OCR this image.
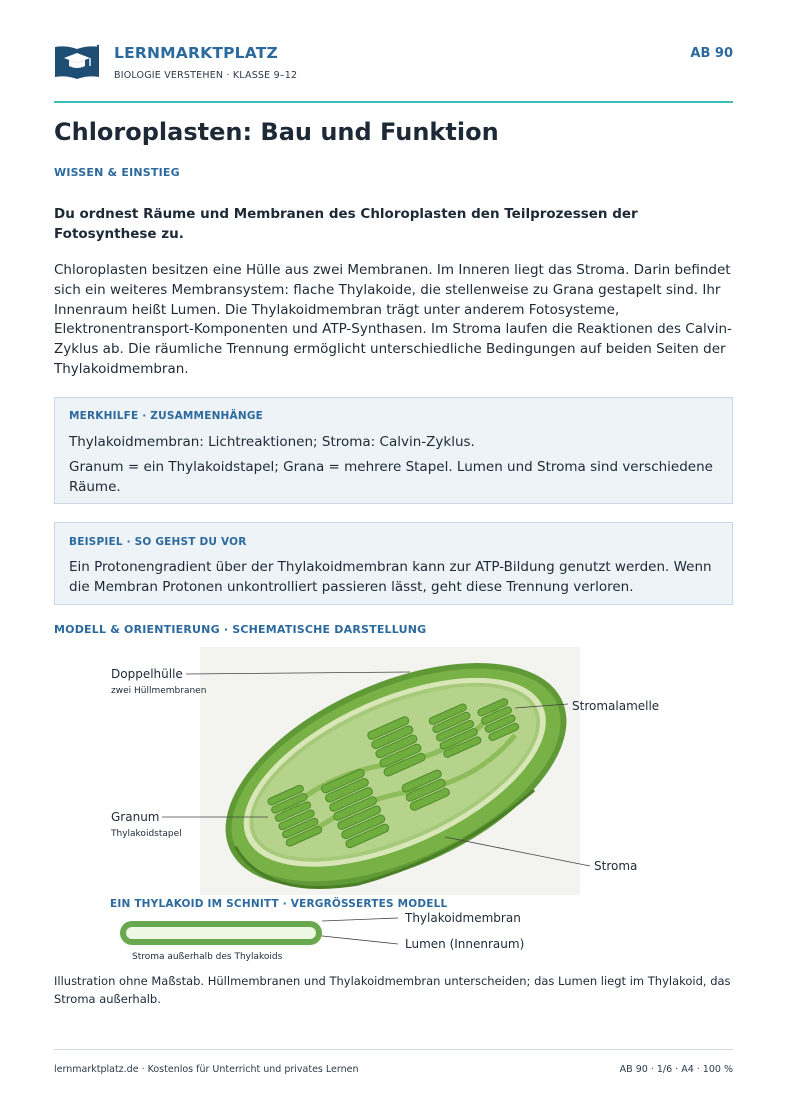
LERNMARKTPLATZ
BIOLOGIE VERSTEHEN · KLASSE 9–12
AB 90
Chloroplasten: Bau und Funktion
WISSEN & EINSTIEG
Du ordnest Räume und Membranen des Chloroplasten den Teilprozessen der Fotosynthese zu.
Chloroplasten besitzen eine Hülle aus zwei Membranen. Im Inneren liegt das Stroma. Darin befindet sich ein weiteres Membransystem: flache Thylakoide, die stellenweise zu Grana gestapelt sind. Ihr Innenraum heißt Lumen. Die Thylakoidmembran trägt unter anderem Fotosysteme, Elektronentransport-Komponenten und ATP-Synthasen. Im Stroma laufen die Reaktionen des Calvin-Zyklus ab. Die räumliche Trennung ermöglicht unterschiedliche Bedingungen auf beiden Seiten der Thylakoidmembran.
MERKHILFE · ZUSAMMENHÄNGE
Thylakoidmembran: Lichtreaktionen; Stroma: Calvin-Zyklus.
Granum = ein Thylakoidstapel; Grana = mehrere Stapel. Lumen und Stroma sind verschiedene Räume.
BEISPIEL · SO GEHST DU VOR
Ein Protonengradient über der Thylakoidmembran kann zur ATP-Bildung genutzt werden. Wenn die Membran Protonen unkontrolliert passieren lässt, geht diese Trennung verloren.
MODELL & ORIENTIERUNG · SCHEMATISCHE DARSTELLUNG
Doppelhülle
zwei Hüllmembranen
Stromalamelle
Granum
Thylakoidstapel
Stroma
EIN THYLAKOID IM SCHNITT · VERGRÖSSERTES MODELL
Thylakoidmembran
Lumen (Innenraum)
Stroma außerhalb des Thylakoids
Illustration ohne Maßstab. Hüllmembranen und Thylakoidmembran unterscheiden; das Lumen liegt im Thylakoid, das Stroma außerhalb.
lernmarktplatz.de · Kostenlos für Unterricht und privates Lernen	AB 90 · 1/6 · A4 · 100 %
